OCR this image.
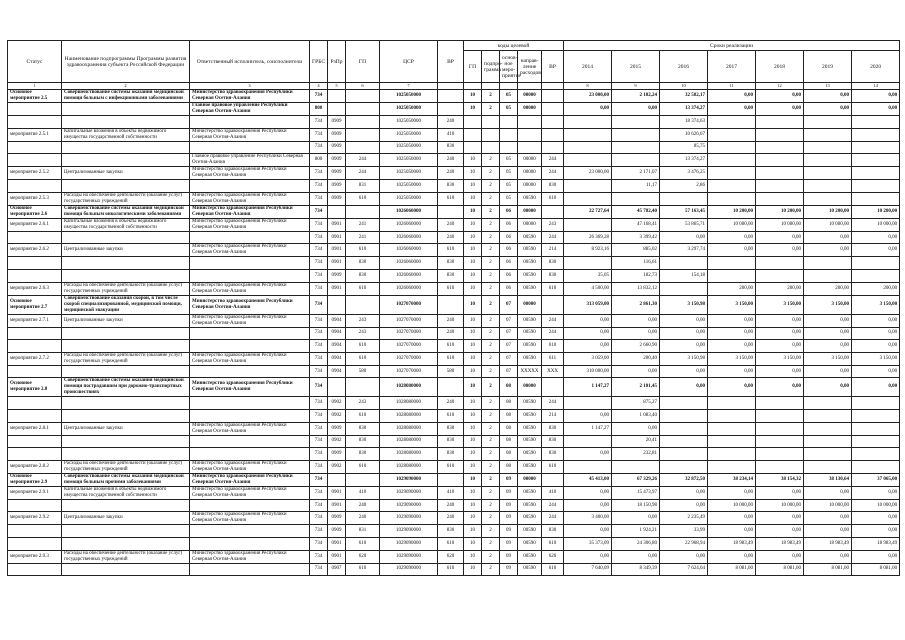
Статус	Наименование подпрограммы Программы развития здравоохранения субъекта Российской Федерации	Ответственный исполнитель, соисполнители	ГРБС	РзПр	ГП	ЦСР	ВР	коды целевой					Сроки реализации						
								ГП	подпро-грамма	основ-ное меро-приятие	направ-ление расходов	ВР	2014	2015	2016	2017	2018	2019	2020
1	2	3	4	5	6	7							8	9	10	11	12	13	14
Основное мероприятие 2.5	Совершенствование системы оказания медицинской помощи больным с инфекционными заболеваниями	Министерство здравоохранения Республики Северная Осетия-Алания	734			1025050000		10	2	05	00000		23 000,00	2 182,24	32 582,17	0,00	0,00	0,00	0,00
		Главное правовое управление Республики Северная Осетия-Алания	800			1025050000		10	2	05	00000		0,00	0,00	13 374,27	0,00	0,00	0,00	0,00
			734	0909		1025050000	240								18 374,63				
мероприятие 2.5.1	Капитальные вложения в объекты недвижимого имущества государственной собственности	Министерство здравоохранения Республики Северная Осетия-Алания	734	0909		1025050000	410								10 626,67				
			734	0909		1025050000	830								85,75				
		Главное правовое управление Республики Северная Осетия-Алания	800	0909	244	1025050000	240	10	2	05	00000	244			13 374,27				
мероприятие 2.5.2	Централизованные закупки	Министерство здравоохранения Республики Северная Осетия-Алания	734	0909	244	1025050000	240	10	2	05	00000	244	23 000,00	2 171,07	3 476,25				
			734	0909	831	1025050000	830	10	2	05	00000	830		11,17	2,86				
мероприятие 2.5.3	Расходы на обеспечение деятельности (оказание услуг) государственных учреждений	Министерство здравоохранения Республики Северная Осетия-Алания	734	0909	610	1025050000	610	10	2	05	00590	610							
Основное мероприятие 2.6	Совершенствование системы оказания медицинской помощи больным онкологическими заболеваниями	Министерство здравоохранения Республики Северная Осетия-Алания	734			1026060000		10	2	06	00000		22 727,64	45 782,40	57 163,45	10 200,00	10 200,00	10 200,00	10 200,00
мероприятие 2.6.1	Капитальные вложения в объекты недвижимого имущества государственной собственности	Министерство здравоохранения Республики Северная Осетия-Алания	734	0901	241	1026060000	240	10	2	06	00000	243		47 168,41	53 865,71	10 000,00	10 000,00	10 000,00	10 000,00
			734	0901	241	1026060000	240	10	2	06	00590	244	26 369,28	3 399,42	0,00	0,00	0,00	0,00	0,00
мероприятие 2.6.2	Централизованные закупки	Министерство здравоохранения Республики Северная Осетия-Алания	734	0901	610	1026060000	610	10	2	06	00590	214	8 923,16	885,02	3 297,74	0,00	0,00	0,00	0,00
			734	0901	830	1026060000	830	10	2	06	00590	830		116,61					
			734	0909	830	1026060000	830	10	2	06	00590	830	35,05	182,73	154,18				
мероприятие 2.6.3	Расходы на обеспечение деятельности (оказание услуг) государственных учреждений	Министерство здравоохранения Республики Северная Осетия-Алания	734	0901	610	1026060000	610	10	2	06	00590	610	4 500,00	13 832,12		200,00	200,00	200,00	200,00
Основное мероприятие 2.7	Совершенствование оказания скорой, в том числе скорой специализированной, медицинской помощи, медицинской эвакуации	Министерство здравоохранения Республики Северная Осетия-Алания	734			1027070000		10	2	07	00000		313 059,00	2 861,30	3 150,98	3 150,00	3 150,00	3 150,00	3 150,00
мероприятие 2.7.1	Централизованные закупки	Министерство здравоохранения Республики Северная Осетия-Алания	734	0904	243	1027070000	240	10	2	07	00590	244	0,00	0,00	0,00	0,00	0,00	0,00	0,00
			734	0904	243	1027070000	240	10	2	07	00590	244	0,00	0,00	0,00	0,00	0,00	0,00	0,00
			734	0904	610	1027070000	610	10	2	07	00590	610	0,00	2 660,90	0,00	0,00	0,00	0,00	0,00
мероприятие 2.7.2	Расходы на обеспечение деятельности (оказание услуг) государственных учреждений	Министерство здравоохранения Республики Северная Осетия-Алания	734	0904	610	1027070000	610	10	2	07	00590	611	3 059,00	200,40	3 150,98	3 150,00	3 150,00	3 150,00	3 150,00
			734	0904	580	1027070000	580	10	2	07	XXXXX	XXX	310 000,00	0,00	0,00	0,00	0,00	0,00	0,00
Основное мероприятие 2.8	Совершенствование системы оказания медицинской помощи пострадавшим при дорожно-транспортных происшествиях	Министерство здравоохранения Республики Северная Осетия-Алания	734			1028080000		10	2	08	00000		1 147,27	2 101,45	0,00	0,00	0,00	0,00	0,00
			734	0902	243	1028080000	240	10	2	08	00590	244		875,27					
			734	0902	610	1028080000	610	10	2	08	00590	214	0,00	1 083,40					
мероприятие 2.8.1	Централизованные закупки	Министерство здравоохранения Республики Северная Осетия-Алания	734	0909	830	1028080000	830	10	2	08	00590	830	1 147,27	0,00					
			734	0902	830	1028080000	830	10	2	08	00590	830		20,41					
			734	0909	830	1028080000	830	10	2	08	00590	830	0,00	232,81					
мероприятие 2.8.2	Расходы на обеспечение деятельности (оказание услуг) государственных учреждений	Министерство здравоохранения Республики Северная Осетия-Алания	734	0902	610	1028080000	610	10	2	08	00590	610							
Основное мероприятие 2.9	Совершенствование системы оказания медицинской помощи больным прочими заболеваниями	Министерство здравоохранения Республики Северная Осетия-Алания	734			1029090000		10	2	09	00000		45 413,00	67 329,26	32 872,50	38 234,14	38 154,32	38 130,64	37 065,00
мероприятие 2.9.1	Капитальные вложения в объекты недвижимого имущества государственной собственности	Министерство здравоохранения Республики Северная Осетия-Алания	734	0901	410	1029090000	410	10	2	09	00590	410	0,00	15 473,97	0,00	0,00	0,00	0,00	0,00
			734	0901	240	1029090000	240	10	2	09	00590	244	0,00	18 150,98	0,00	10 000,00	10 000,00	10 000,00	10 000,00
мероприятие 2.9.2	Централизованные закупки	Министерство здравоохранения Республики Северная Осетия-Алания	734	0909	240	1029090000	240	10	2	09	00590	244	3 400,00	0,00	2 235,49	0,00	0,00	0,00	0,00
			734	0909	831	1029090000	830	10	2	09	00590	830	0,00	1 924,21	33,99	0,00	0,00	0,00	0,00
			734	0901	610	1029090000	610	10	2	09	00590	610	35 373,09	24 306,80	22 968,94	18 983,49	18 983,49	18 983,49	18 983,49
мероприятие 2.9.3	Расходы на обеспечение деятельности (оказание услуг) государственных учреждений	Министерство здравоохранения Республики Северная Осетия-Алания	734	0901	620	1029090000	620	10	2	09	00590	620	0,00	0,00	0,00	0,00	0,00	0,00	0,00
			734	0907	610	1029090000	610	10	2	09	00590	610	7 640,09	8 349,39	7 624,04	8 081,00	8 081,00	8 081,00	8 081,00
